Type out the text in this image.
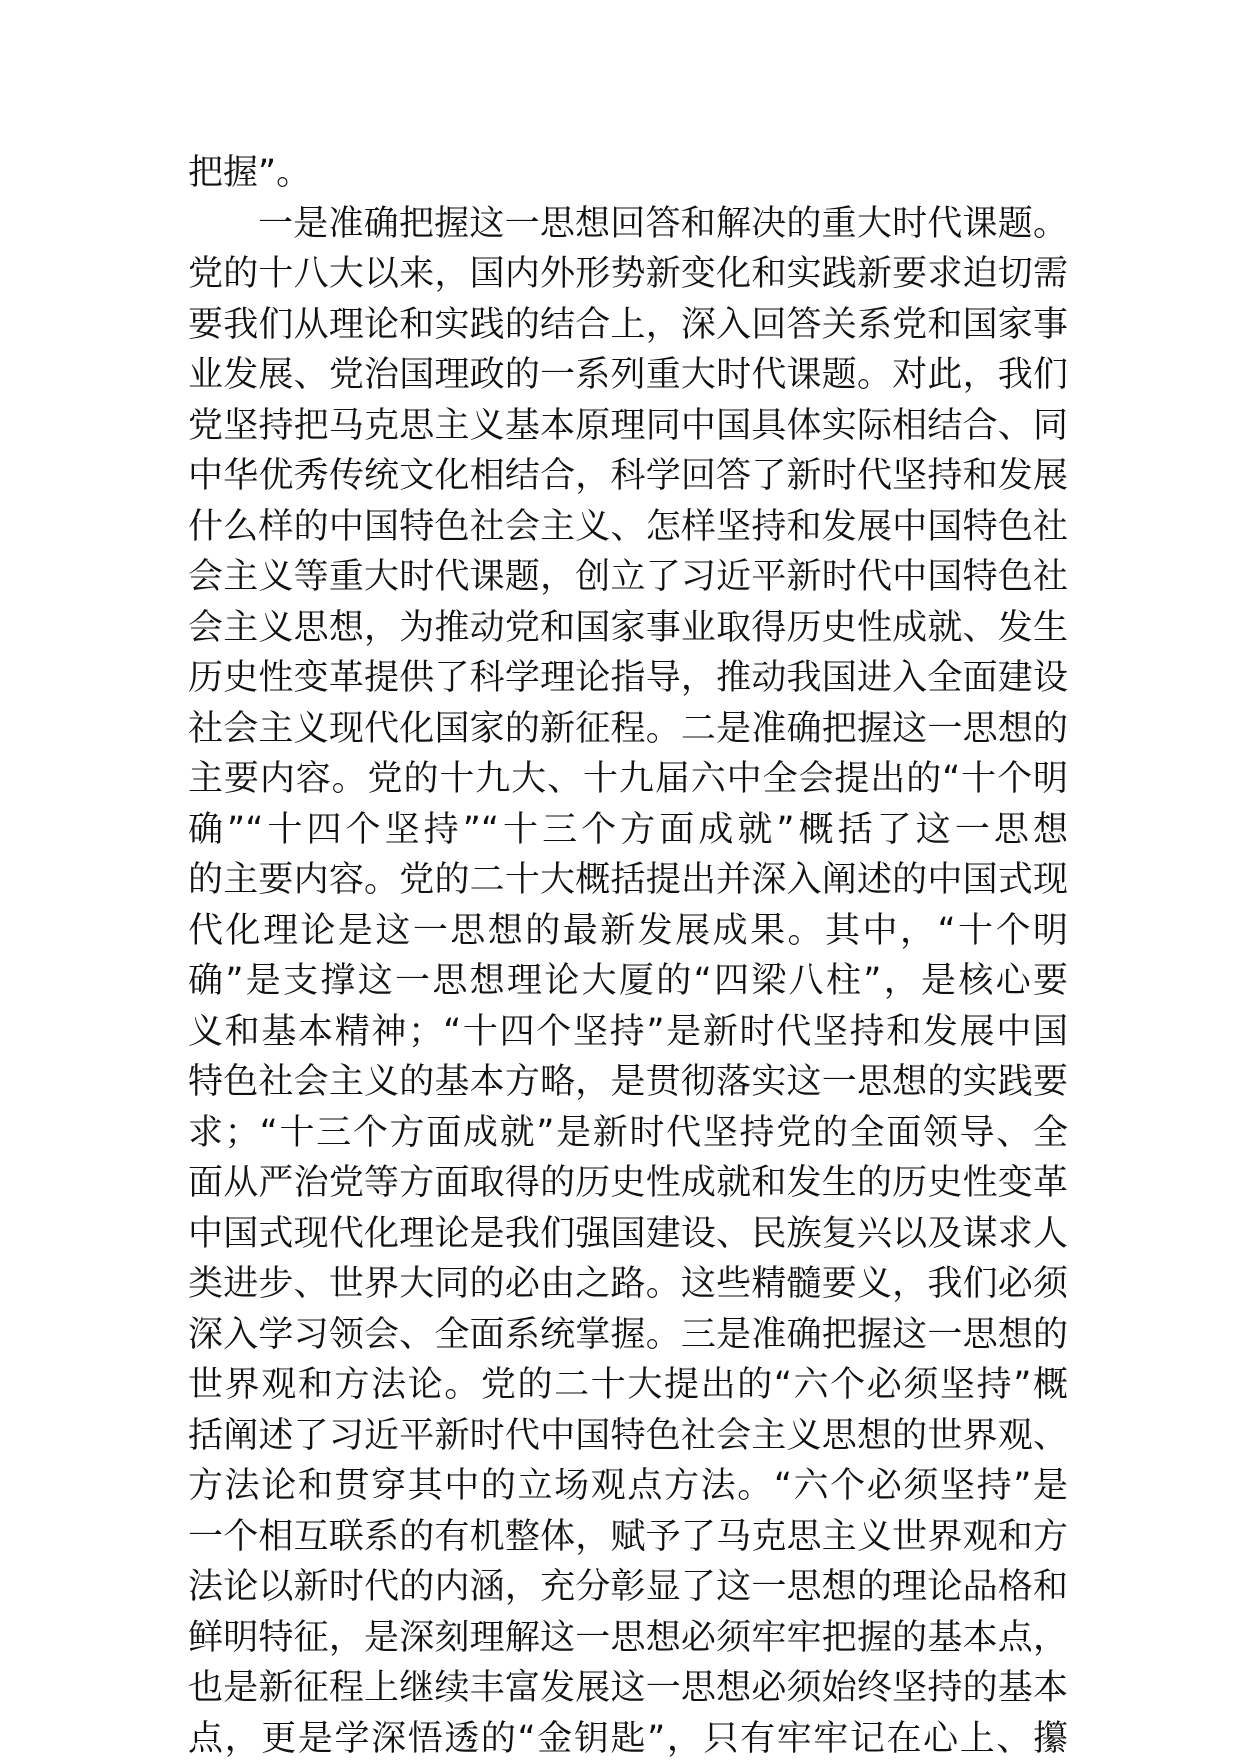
把握”。
一是准确把握这一思想回答和解决的重大时代课题。
党的十八大以来，国内外形势新变化和实践新要求迫切需
要我们从理论和实践的结合上，深入回答关系党和国家事
业发展、党治国理政的一系列重大时代课题。对此，我们
党坚持把马克思主义基本原理同中国具体实际相结合、同
中华优秀传统文化相结合，科学回答了新时代坚持和发展
什么样的中国特色社会主义、怎样坚持和发展中国特色社
会主义等重大时代课题，创立了习近平新时代中国特色社
会主义思想，为推动党和国家事业取得历史性成就、发生
历史性变革提供了科学理论指导，推动我国进入全面建设
社会主义现代化国家的新征程。二是准确把握这一思想的
主要内容。党的十九大、十九届六中全会提出的“十个明
确”“十四个坚持”“十三个方面成就”概括了这一思想
的主要内容。党的二十大概括提出并深入阐述的中国式现
代化理论是这一思想的最新发展成果。其中，“十个明
确”是支撑这一思想理论大厦的“四梁八柱”，是核心要
义和基本精神；“十四个坚持”是新时代坚持和发展中国
特色社会主义的基本方略，是贯彻落实这一思想的实践要
求；“十三个方面成就”是新时代坚持党的全面领导、全
面从严治党等方面取得的历史性成就和发生的历史性变革
中国式现代化理论是我们强国建设、民族复兴以及谋求人
类进步、世界大同的必由之路。这些精髓要义，我们必须
深入学习领会、全面系统掌握。三是准确把握这一思想的
世界观和方法论。党的二十大提出的“六个必须坚持”概
括阐述了习近平新时代中国特色社会主义思想的世界观、
方法论和贯穿其中的立场观点方法。“六个必须坚持”是
一个相互联系的有机整体，赋予了马克思主义世界观和方
法论以新时代的内涵，充分彰显了这一思想的理论品格和
鲜明特征，是深刻理解这一思想必须牢牢把握的基本点，
也是新征程上继续丰富发展这一思想必须始终坚持的基本
点，更是学深悟透的“金钥匙”，只有牢牢记在心上、攥
